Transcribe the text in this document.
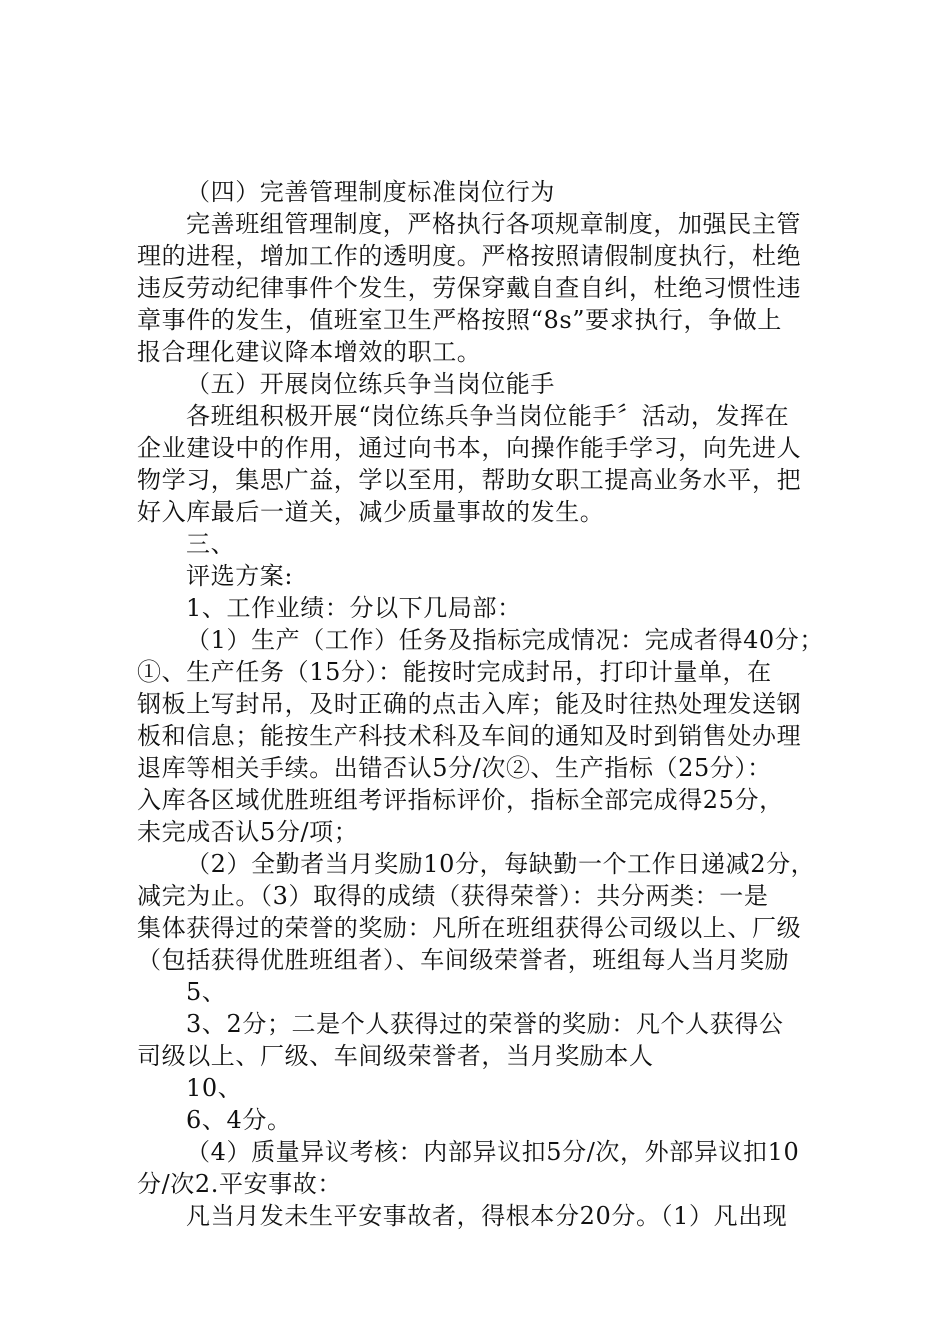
（四）完善管理制度标准岗位行为
完善班组管理制度，严格执行各项规章制度，加强民主管
理的进程，增加工作的透明度。严格按照请假制度执行，杜绝
违反劳动纪律事件个发生，劳保穿戴自查自纠，杜绝习惯性违
章事件的发生，值班室卫生严格按照“8s”要求执行，争做上
报合理化建议降本增效的职工。
（五）开展岗位练兵争当岗位能手
各班组积极开展“岗位练兵争当岗位能手〞活动，发挥在
企业建设中的作用，通过向书本，向操作能手学习，向先进人
物学习，集思广益，学以至用，帮助女职工提高业务水平，把
好入库最后一道关，减少质量事故的发生。
三、
评选方案:
1、工作业绩：分以下几局部：
（1）生产（工作）任务及指标完成情况：完成者得40分；
①、生产任务（15分）：能按时完成封吊，打印计量单，在
钢板上写封吊，及时正确的点击入库；能及时往热处理发送钢
板和信息；能按生产科技术科及车间的通知及时到销售处办理
退库等相关手续。出错否认5分/次②、生产指标（25分）：
入库各区域优胜班组考评指标评价，指标全部完成得25分，
未完成否认5分/项；
（2）全勤者当月奖励10分，每缺勤一个工作日递减2分，
减完为止。（3）取得的成绩（获得荣誉）：共分两类：一是
集体获得过的荣誉的奖励：凡所在班组获得公司级以上、厂级
（包括获得优胜班组者）、车间级荣誉者，班组每人当月奖励
5、
3、2分；二是个人获得过的荣誉的奖励：凡个人获得公
司级以上、厂级、车间级荣誉者，当月奖励本人
10、
6、4分。
（4）质量异议考核：内部异议扣5分/次，外部异议扣10
分/次2.平安事故：
凡当月发未生平安事故者，得根本分20分。（1）凡出现
